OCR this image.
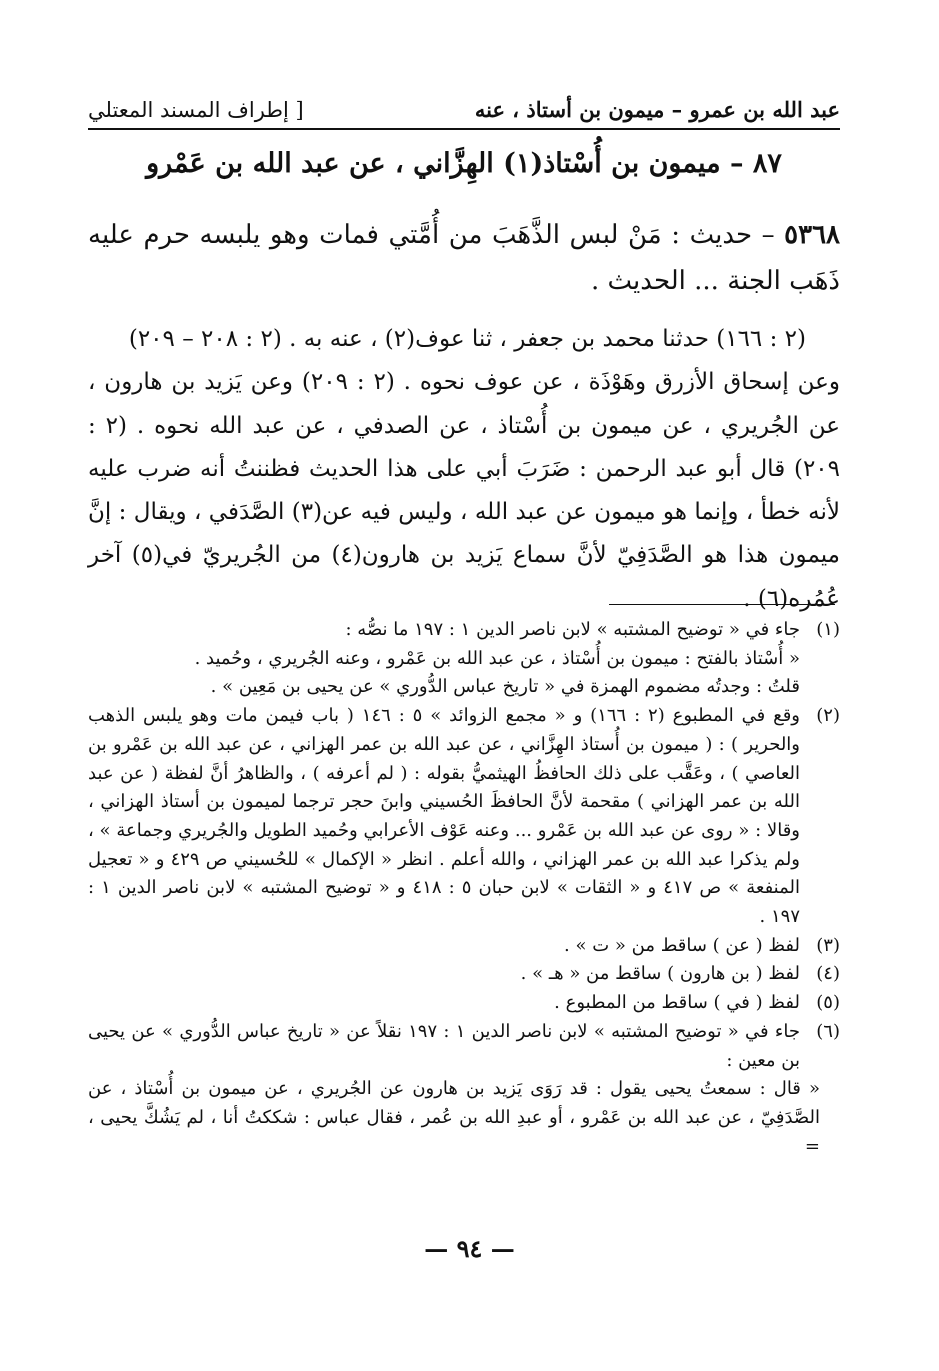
عبد الله بن عمرو – ميمون بن أستاذ ، عنه
[ إطراف المسند المعتلي
٨٧ – ميمون بن أُسْتاذ(١) الهِزَّاني ، عن عبد الله بن عَمْرو
٥٣٦٨ – حديث : مَنْ لبس الذَّهَبَ من أُمَّتي فمات وهو يلبسه حرم عليه ذَهَب الجنة ... الحديث .

(٢ : ١٦٦) حدثنا محمد بن جعفر ، ثنا عوف(٢) ، عنه به . (٢ : ٢٠٨ – ٢٠٩)

وعن إسحاق الأزرق وهَوْذَة ، عن عوف نحوه . (٢ : ٢٠٩) وعن يَزيد بن هارون ، عن الجُريري ، عن ميمون بن أُسْتاذ ، عن الصدفي ، عن عبد الله نحوه . (٢ : ٢٠٩) قال أبو عبد الرحمن : ضَرَبَ أبي على هذا الحديث فظننتُ أنه ضرب عليه لأنه خطأ ، وإنما هو ميمون عن عبد الله ، وليس فيه عن(٣) الصَّدَفي ، ويقال : إنَّ ميمون هذا هو الصَّدَفِيّ لأنَّ سماع يَزيد بن هارون(٤) من الجُريريّ في(٥) آخر عُمُره(٦) .

(١)
جاء في « توضيح المشتبه » لابن ناصر الدين ١ : ١٩٧ ما نصُّه :

« أُسْتاذ بالفتح : ميمون بن أُسْتاذ ، عن عبد الله بن عَمْرو ، وعنه الجُريري ، وحُميد .

قلتُ : وجدتُه مضموم الهمزة في « تاريخ عباس الدُّوري » عن يحيى بن مَعِين » .

(٢)
وقع في المطبوع (٢ : ١٦٦) و « مجمع الزوائد » ٥ : ١٤٦ ( باب فيمن مات وهو يلبس الذهب والحرير ) : ( ميمون بن أُستاذ الهِزَّاني ، عن عبد الله بن عمر الهزاني ، عن عبد الله بن عَمْرو بن العاصي ) ، وعَقَّب على ذلك الحافظُ الهيثميُّ بقوله : ( لم أعرفه ) ، والظاهرُ أنَّ لفظة ( عن عبد الله بن عمر الهزاني ) مقحمة لأنَّ الحافظَ الحُسيني وابنَ حجر ترجما لميمون بن أستاذ الهزاني ، وقالا : « روى عن عبد الله بن عَمْرو ... وعنه عَوْف الأعرابي وحُميد الطويل والجُريري وجماعة » ، ولم يذكرا عبد الله بن عمر الهزاني ، والله أعلم . انظر « الإكمال » للحُسيني ص ٤٢٩ و « تعجيل المنفعة » ص ٤١٧ و « الثقات » لابن حبان ٥ : ٤١٨ و « توضيح المشتبه » لابن ناصر الدين ١ : ١٩٧ .
(٣)
لفظ ( عن ) ساقط من « ت » .
(٤)
لفظ ( بن هارون ) ساقط من « هـ » .
(٥)
لفظ ( في ) ساقط من المطبوع .
(٦)
جاء في « توضيح المشتبه » لابن ناصر الدين ١ : ١٩٧ نقلاً عن « تاريخ عباس الدُّوري » عن يحيى بن معين :

« قال : سمعتُ يحيى يقول : قد رَوَى يَزيد بن هارون عن الجُريري ، عن ميمون بن أُسْتاذ ، عن الصَّدَفِيّ ، عن عبد الله بن عَمْرو ، أو عبدِ الله بن عُمر ، فقال عباس : شككتُ أنا ، لم يَشُكَّ يحيى ، =

— ٩٤ —
